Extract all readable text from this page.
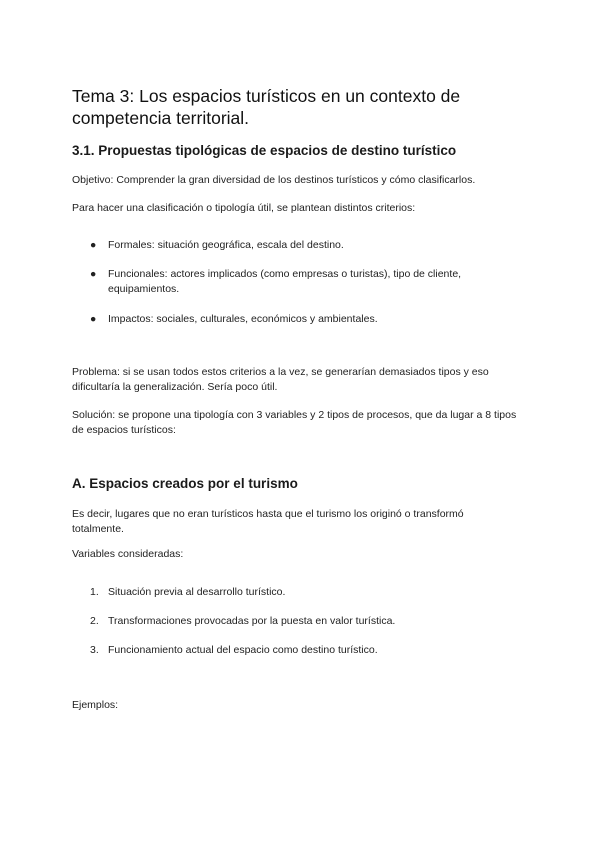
Tema 3: Los espacios turísticos en un contexto de competencia territorial.
3.1. Propuestas tipológicas de espacios de destino turístico

Objetivo: Comprender la gran diversidad de los destinos turísticos y cómo clasificarlos.

Para hacer una clasificación o tipología útil, se plantean distintos criterios:

●	Formales: situación geográfica, escala del destino.
●	Funcionales: actores implicados (como empresas o turistas), tipo de cliente, equipamientos.
●	Impactos: sociales, culturales, económicos y ambientales.

Problema: si se usan todos estos criterios a la vez, se generarían demasiados tipos y eso dificultaría la generalización. Sería poco útil.

Solución: se propone una tipología con 3 variables y 2 tipos de procesos, que da lugar a 8 tipos de espacios turísticos:

A. Espacios creados por el turismo

Es decir, lugares que no eran turísticos hasta que el turismo los originó o transformó totalmente.

Variables consideradas:

1. Situación previa al desarrollo turístico.
2. Transformaciones provocadas por la puesta en valor turística.
3. Funcionamiento actual del espacio como destino turístico.

Ejemplos:
